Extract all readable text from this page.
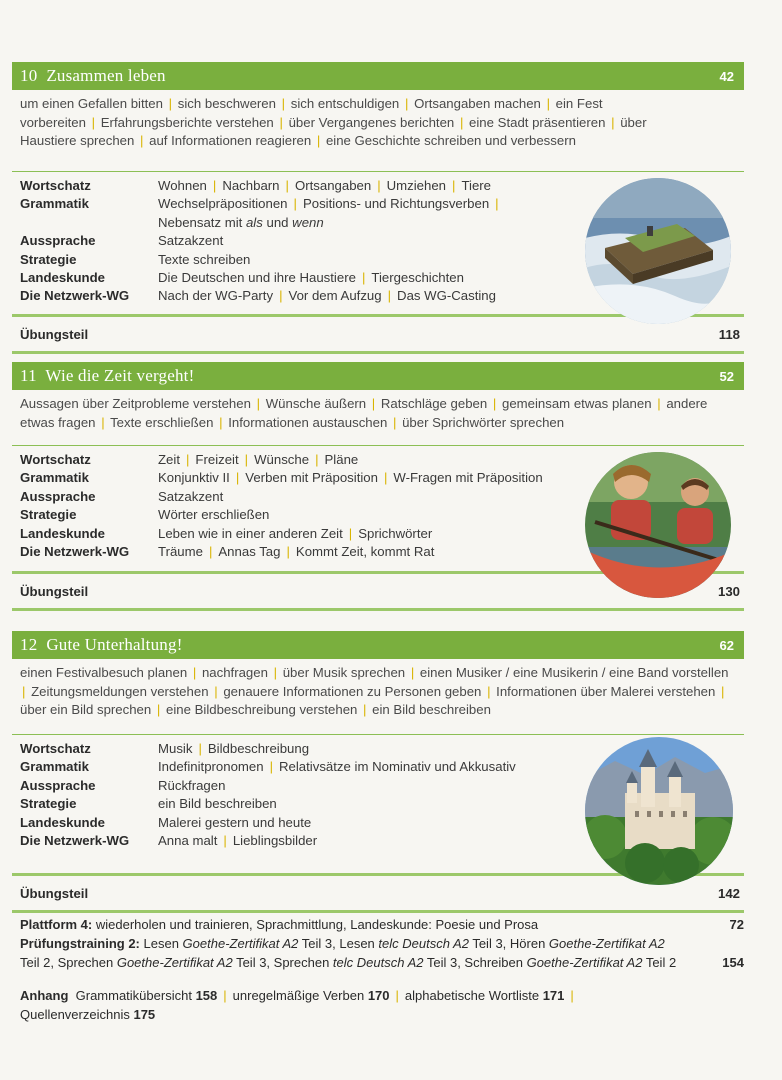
10 Zusammen leben	42
um einen Gefallen bitten | sich beschweren | sich entschuldigen | Ortsangaben machen | ein Fest vorbereiten | Erfahrungsberichte verstehen | über Vergangenes berichten | eine Stadt präsentieren | über Haustiere sprechen | auf Informationen reagieren | eine Geschichte schreiben und verbessern
Wortschatz	Wohnen | Nachbarn | Ortsangaben | Umziehen | Tiere
Grammatik	Wechselpräpositionen | Positions- und Richtungsverben |
Nebensatz mit als und wenn
Aussprache	Satzakzent
Strategie	Texte schreiben
Landeskunde	Die Deutschen und ihre Haustiere | Tiergeschichten
Die Netzwerk-WG	Nach der WG-Party | Vor dem Aufzug | Das WG-Casting
Übungsteil	118
11 Wie die Zeit vergeht!	52
Aussagen über Zeitprobleme verstehen | Wünsche äußern | Ratschläge geben | gemeinsam etwas planen | andere etwas fragen | Texte erschließen | Informationen austauschen | über Sprichwörter sprechen
Wortschatz	Zeit | Freizeit | Wünsche | Pläne
Grammatik	Konjunktiv II | Verben mit Präposition | W-Fragen mit Präposition
Aussprache	Satzakzent
Strategie	Wörter erschließen
Landeskunde	Leben wie in einer anderen Zeit | Sprichwörter
Die Netzwerk-WG	Träume | Annas Tag | Kommt Zeit, kommt Rat
Übungsteil	130
12 Gute Unterhaltung!	62
einen Festivalbesuch planen | nachfragen | über Musik sprechen | einen Musiker / eine Musikerin / eine Band vorstellen | Zeitungsmeldungen verstehen | genauere Informationen zu Personen geben | Informationen über Malerei verstehen | über ein Bild sprechen | eine Bildbeschreibung verstehen | ein Bild beschreiben
Wortschatz	Musik | Bildbeschreibung
Grammatik	Indefinitpronomen | Relativsätze im Nominativ und Akkusativ
Aussprache	Rückfragen
Strategie	ein Bild beschreiben
Landeskunde	Malerei gestern und heute
Die Netzwerk-WG	Anna malt | Lieblingsbilder
Übungsteil	142
Plattform 4: wiederholen und trainieren, Sprachmittlung, Landeskunde: Poesie und Prosa	72
Prüfungstraining 2: Lesen Goethe-Zertifikat A2 Teil 3, Lesen telc Deutsch A2 Teil 3, Hören Goethe-Zertifikat A2
Teil 2, Sprechen Goethe-Zertifikat A2 Teil 3, Sprechen telc Deutsch A2 Teil 3, Schreiben Goethe-Zertifikat A2 Teil 2	154
Anhang Grammatikübersicht 158 | unregelmäßige Verben 170 | alphabetische Wortliste 171 |
Quellenverzeichnis 175
